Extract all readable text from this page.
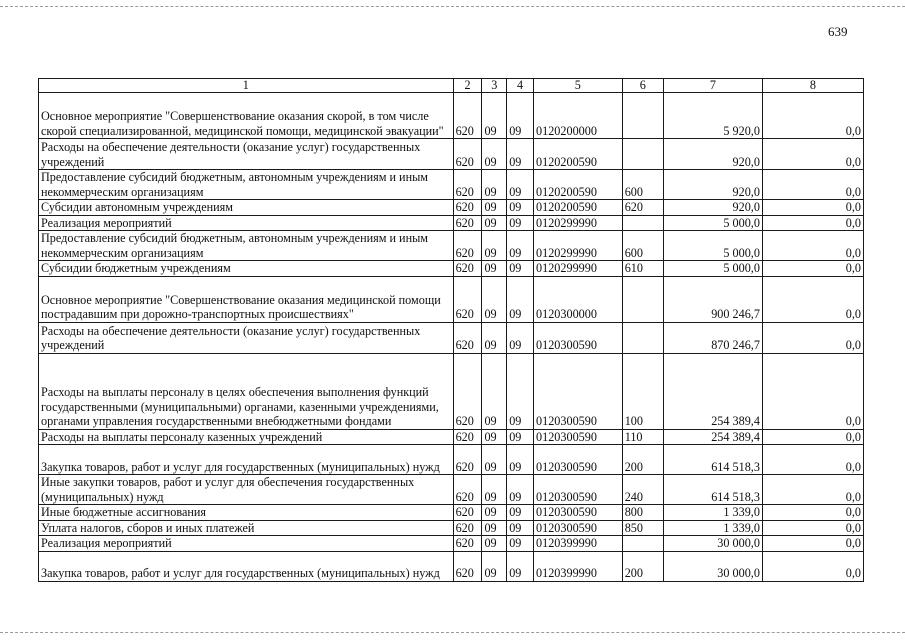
639
1	2	3	4	5	6	7	8
Основное мероприятие "Совершенствование оказания скорой, в том числе скорой специализированной, медицинской помощи, медицинской эвакуации"	620	09	09	0120200000		5 920,0	0,0
Расходы на обеспечение деятельности (оказание услуг) государственных учреждений	620	09	09	0120200590		920,0	0,0
Предоставление субсидий бюджетным, автономным учреждениям и иным некоммерческим организациям	620	09	09	0120200590	600	920,0	0,0
Субсидии автономным учреждениям	620	09	09	0120200590	620	920,0	0,0
Реализация мероприятий	620	09	09	0120299990		5 000,0	0,0
Предоставление субсидий бюджетным, автономным учреждениям и иным некоммерческим организациям	620	09	09	0120299990	600	5 000,0	0,0
Субсидии бюджетным учреждениям	620	09	09	0120299990	610	5 000,0	0,0
Основное мероприятие "Совершенствование оказания медицинской помощи пострадавшим при дорожно-транспортных происшествиях"	620	09	09	0120300000		900 246,7	0,0
Расходы на обеспечение деятельности (оказание услуг) государственных учреждений	620	09	09	0120300590		870 246,7	0,0
Расходы на выплаты персоналу в целях обеспечения выполнения функций государственными (муниципальными) органами, казенными учреждениями, органами управления государственными внебюджетными фондами	620	09	09	0120300590	100	254 389,4	0,0
Расходы на выплаты персоналу казенных учреждений	620	09	09	0120300590	110	254 389,4	0,0
Закупка товаров, работ и услуг для государственных (муниципальных) нужд	620	09	09	0120300590	200	614 518,3	0,0
Иные закупки товаров, работ и услуг для обеспечения государственных (муниципальных) нужд	620	09	09	0120300590	240	614 518,3	0,0
Иные бюджетные ассигнования	620	09	09	0120300590	800	1 339,0	0,0
Уплата налогов, сборов и иных платежей	620	09	09	0120300590	850	1 339,0	0,0
Реализация мероприятий	620	09	09	0120399990		30 000,0	0,0
Закупка товаров, работ и услуг для государственных (муниципальных) нужд	620	09	09	0120399990	200	30 000,0	0,0
